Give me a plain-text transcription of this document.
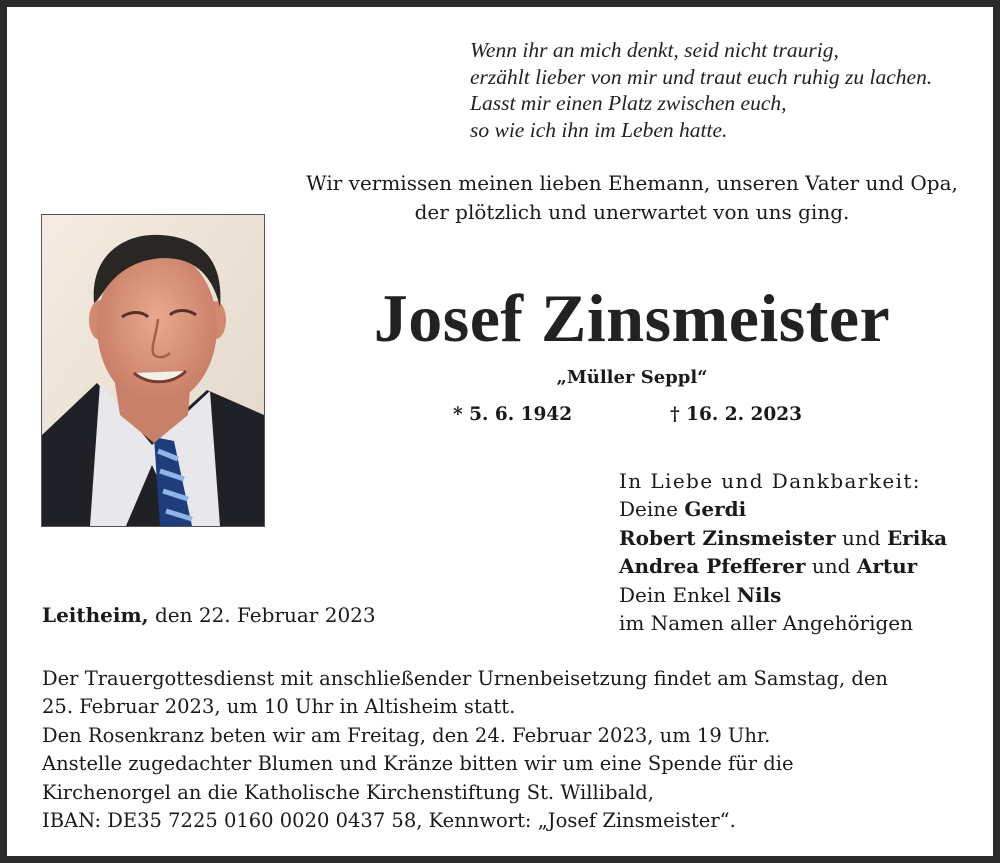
Wenn ihr an mich denkt, seid nicht traurig,
erzählt lieber von mir und traut euch ruhig zu lachen.
Lasst mir einen Platz zwischen euch,
so wie ich ihn im Leben hatte.
Wir vermissen meinen lieben Ehemann, unseren Vater und Opa,
der plötzlich und unerwartet von uns ging.
Josef Zinsmeister
„Müller Seppl“
* 5. 6. 1942	† 16. 2. 2023
In Liebe und Dankbarkeit:
Deine Gerdi
Robert Zinsmeister und Erika
Andrea Pfefferer und Artur
Dein Enkel Nils
im Namen aller Angehörigen
Leitheim, den 22. Februar 2023
Der Trauergottesdienst mit anschließender Urnenbeisetzung findet am Samstag, den
25. Februar 2023, um 10 Uhr in Altisheim statt.
Den Rosenkranz beten wir am Freitag, den 24. Februar 2023, um 19 Uhr.
Anstelle zugedachter Blumen und Kränze bitten wir um eine Spende für die
Kirchenorgel an die Katholische Kirchenstiftung St. Willibald,
IBAN: DE35 7225 0160 0020 0437 58, Kennwort: „Josef Zinsmeister“.
